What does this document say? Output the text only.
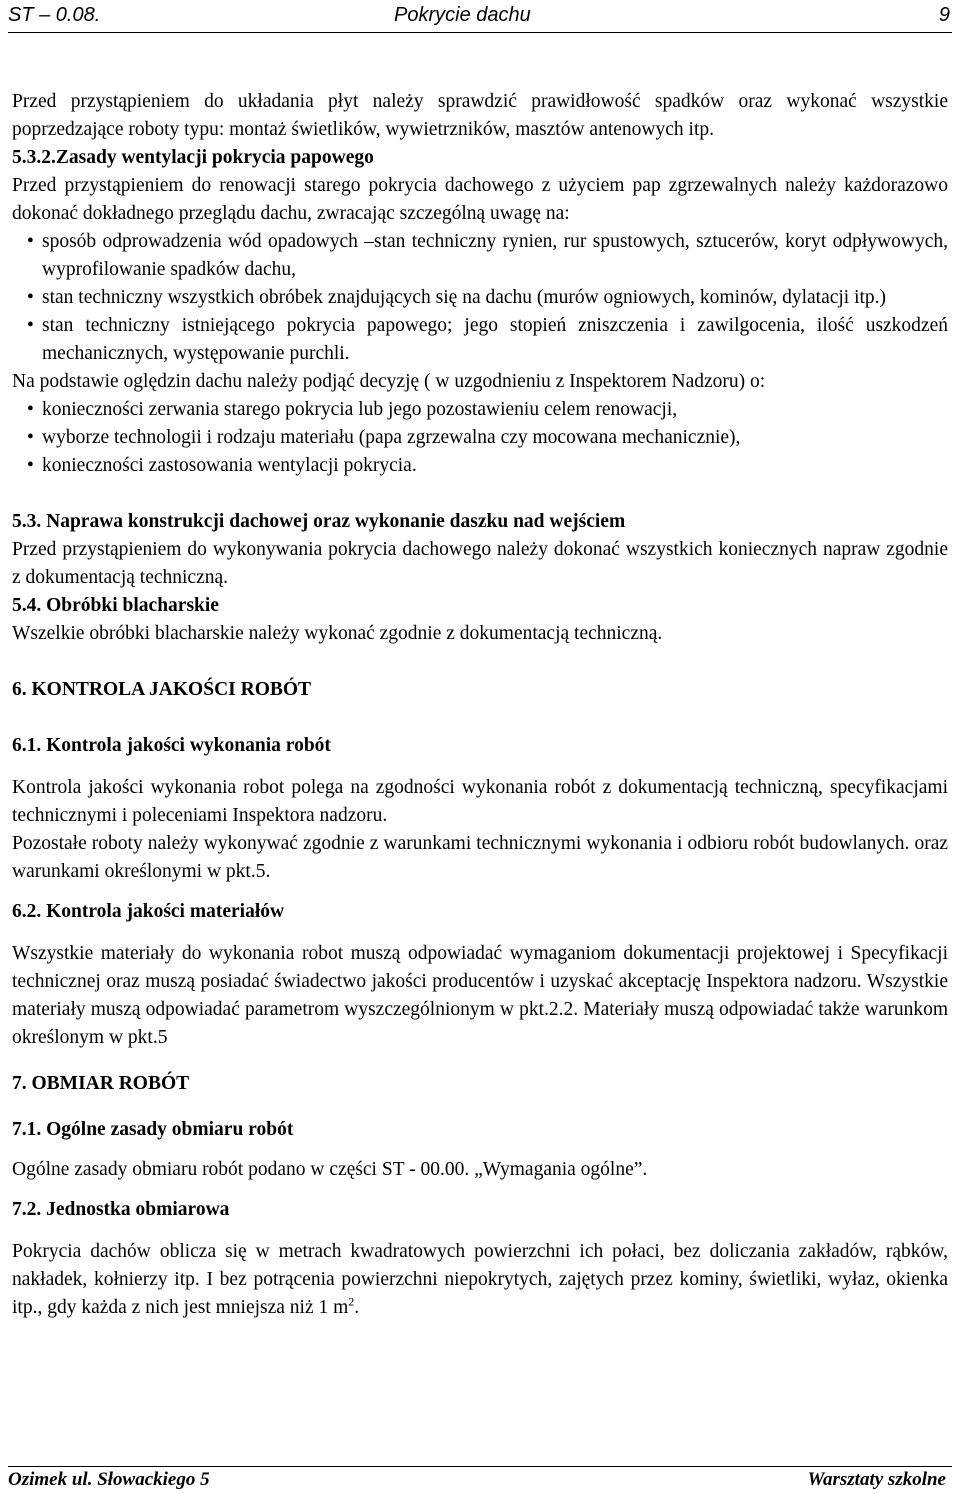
ST – 0.08.	Pokrycie dachu	9

Przed przystąpieniem do układania płyt należy sprawdzić prawidłowość spadków oraz wykonać wszystkie poprzedzające roboty typu: montaż świetlików, wywietrzników, masztów antenowych itp.

5.3.2.Zasady wentylacji pokrycia papowego

Przed przystąpieniem do renowacji starego pokrycia dachowego z użyciem pap zgrzewalnych należy każdorazowo dokonać dokładnego przeglądu dachu, zwracając szczególną uwagę na:

• sposób odprowadzenia wód opadowych –stan techniczny rynien, rur spustowych, sztucerów, koryt odpływowych, wyprofilowanie spadków dachu,
• stan techniczny wszystkich obróbek znajdujących się na dachu (murów ogniowych, kominów, dylatacji itp.)
• stan techniczny istniejącego pokrycia papowego; jego stopień zniszczenia i zawilgocenia, ilość uszkodzeń mechanicznych, występowanie purchli.

Na podstawie oględzin dachu należy podjąć decyzję ( w uzgodnieniu z Inspektorem Nadzoru) o:

• konieczności zerwania starego pokrycia lub jego pozostawieniu celem renowacji,
• wyborze technologii i rodzaju materiału (papa zgrzewalna czy mocowana mechanicznie),
• konieczności zastosowania wentylacji pokrycia.

5.3. Naprawa konstrukcji dachowej oraz wykonanie daszku nad wejściem

Przed przystąpieniem do wykonywania pokrycia dachowego należy dokonać wszystkich koniecznych napraw zgodnie z dokumentacją techniczną.

5.4. Obróbki blacharskie

Wszelkie obróbki blacharskie należy wykonać zgodnie z dokumentacją techniczną.

6. KONTROLA JAKOŚCI ROBÓT

6.1. Kontrola jakości wykonania robót

Kontrola jakości wykonania robot polega na zgodności wykonania robót z dokumentacją techniczną, specyfikacjami technicznymi i poleceniami Inspektora nadzoru.

Pozostałe roboty należy wykonywać zgodnie z warunkami technicznymi wykonania i odbioru robót budowlanych. oraz warunkami określonymi w pkt.5.

6.2. Kontrola jakości materiałów

Wszystkie materiały do wykonania robot muszą odpowiadać wymaganiom dokumentacji projektowej i Specyfikacji technicznej oraz muszą posiadać świadectwo jakości producentów i uzyskać akceptację Inspektora nadzoru. Wszystkie materiały muszą odpowiadać parametrom wyszczególnionym w pkt.2.2. Materiały muszą odpowiadać także warunkom określonym w pkt.5

7. OBMIAR ROBÓT

7.1. Ogólne zasady obmiaru robót

Ogólne zasady obmiaru robót podano w części ST - 00.00. „Wymagania ogólne”.

7.2. Jednostka obmiarowa

Pokrycia dachów oblicza się w metrach kwadratowych powierzchni ich połaci, bez doliczania zakładów, rąbków, nakładek, kołnierzy itp. I bez potrącenia powierzchni niepokrytych, zajętych przez kominy, świetliki, wyłaz, okienka itp., gdy każda z nich jest mniejsza niż 1 $m^2$.

Ozimek ul. Słowackiego 5	Warsztaty szkolne
